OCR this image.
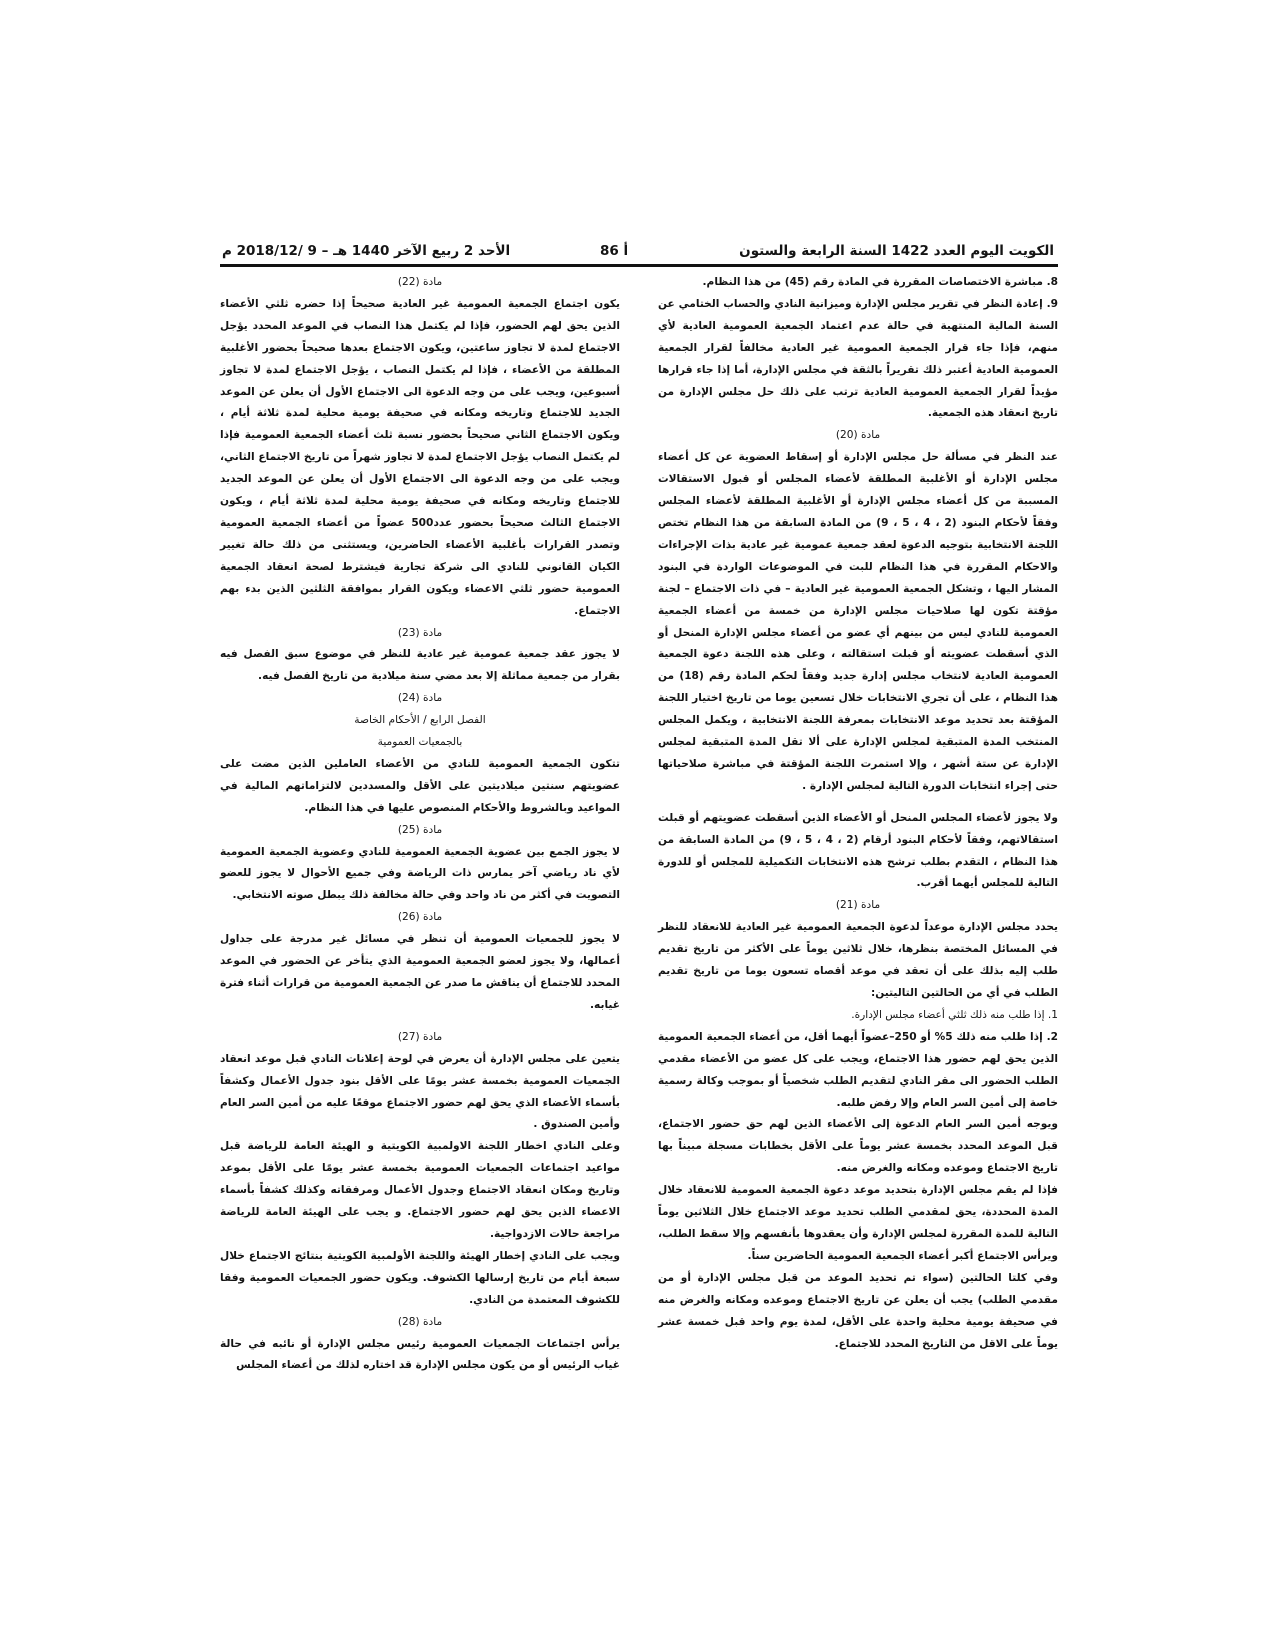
الكويت اليوم العدد 1422 السنة الرابعة والستون
أ 86
الأحد 2 ربيع الآخر 1440 هـ – 9 /2018/12 م

8. مباشرة الاختصاصات المقررة في المادة رقم (45) من هذا النظام.

9. إعادة النظر في تقرير مجلس الإدارة وميزانية النادي والحساب الختامي عن السنة المالية المنتهية في حالة عدم اعتماد الجمعية العمومية العادية لأي منهم، فإذا جاء قرار الجمعية العمومية غير العادية مخالفاً لقرار الجمعية العمومية العادية أعتبر ذلك تقريراً بالثقة في مجلس الإدارة، أما إذا جاء قرارها مؤيداً لقرار الجمعية العمومية العادية ترتب على ذلك حل مجلس الإدارة من تاريخ انعقاد هذه الجمعية.

مادة (20)

عند النظر في مسألة حل مجلس الإدارة أو إسقاط العضوية عن كل أعضاء مجلس الإدارة أو الأغلبية المطلقة لأعضاء المجلس أو قبول الاستقالات المسببة من كل أعضاء مجلس الإدارة أو الأغلبية المطلقة لأعضاء المجلس وفقاً لأحكام البنود (2 ، 4 ، 5 ، 9) من المادة السابقة من هذا النظام تختص اللجنة الانتخابية بتوجيه الدعوة لعقد جمعية عمومية غير عادية بذات الإجراءات والاحكام المقررة في هذا النظام للبت في الموضوعات الواردة في البنود المشار اليها ، وتشكل الجمعية العمومية غير العادية – في ذات الاجتماع – لجنة مؤقتة تكون لها صلاحيات مجلس الإدارة من خمسة من أعضاء الجمعية العمومية للنادي ليس من بينهم أي عضو من أعضاء مجلس الإدارة المنحل أو الذي أسقطت عضويته أو قبلت استقالته ، وعلى هذه اللجنة دعوة الجمعية العمومية العادية لانتخاب مجلس إدارة جديد وفقاً لحكم المادة رقم (18) من هذا النظام ، على أن تجري الانتخابات خلال تسعين يوما من تاريخ اختيار اللجنة المؤقتة بعد تحديد موعد الانتخابات بمعرفة اللجنة الانتخابية ، ويكمل المجلس المنتخب المدة المتبقية لمجلس الإدارة على ألا تقل المدة المتبقية لمجلس الإدارة عن ستة أشهر ، وإلا استمرت اللجنة المؤقتة في مباشرة صلاحياتها حتى إجراء انتخابات الدورة التالية لمجلس الإدارة .

ولا يجوز لأعضاء المجلس المنحل أو الأعضاء الذين أسقطت عضويتهم أو قبلت استقالاتهم، وفقاً لأحكام البنود أرقام (2 ، 4 ، 5 ، 9) من المادة السابقة من هذا النظام ، التقدم بطلب ترشح هذه الانتخابات التكميلية للمجلس أو للدورة التالية للمجلس أيهما أقرب.

مادة (21)

يحدد مجلس الإدارة موعداً لدعوة الجمعية العمومية غير العادية للانعقاد للنظر في المسائل المختصة بنظرها، خلال ثلاثين يوماً على الأكثر من تاريخ تقديم طلب إليه بذلك على أن تعقد في موعد أقصاه تسعون يوما من تاريخ تقديم الطلب في أي من الحالتين التاليتين:

1. إذا طلب منه ذلك ثلثي أعضاء مجلس الإدارة.

2. إذا طلب منه ذلك 5% أو 250–عضواً أيهما أقل، من أعضاء الجمعية العمومية الذين يحق لهم حضور هذا الاجتماع، ويجب على كل عضو من الأعضاء مقدمي الطلب الحضور الى مقر النادي لتقديم الطلب شخصياً أو بموجب وكالة رسمية خاصة إلى أمين السر العام وإلا رفض طلبه.

ويوجه أمين السر العام الدعوة إلى الأعضاء الذين لهم حق حضور الاجتماع، قبل الموعد المحدد بخمسة عشر يوماً على الأقل بخطابات مسجلة مبيناً بها تاريخ الاجتماع وموعده ومكانه والغرض منه.

فإذا لم يقم مجلس الإدارة بتحديد موعد دعوة الجمعية العمومية للانعقاد خلال المدة المحددة، يحق لمقدمي الطلب تحديد موعد الاجتماع خلال الثلاثين يوماً التالية للمدة المقررة لمجلس الإدارة وأن يعقدوها بأنفسهم وإلا سقط الطلب، ويرأس الاجتماع أكبر أعضاء الجمعية العمومية الحاضرين سناً.

وفي كلتا الحالتين (سواء تم تحديد الموعد من قبل مجلس الإدارة أو من مقدمي الطلب) يجب أن يعلن عن تاريخ الاجتماع وموعده ومكانه والغرض منه في صحيفة يومية محلية واحدة على الأقل، لمدة يوم واحد قبل خمسة عشر يوماً على الاقل من التاريخ المحدد للاجتماع.

مادة (22)

يكون اجتماع الجمعية العمومية غير العادية صحيحاً إذا حضره ثلثي الأعضاء الذين يحق لهم الحضور، فإذا لم يكتمل هذا النصاب في الموعد المحدد يؤجل الاجتماع لمدة لا تجاوز ساعتين، ويكون الاجتماع بعدها صحيحاً بحضور الأغلبية المطلقة من الأعضاء ، فإذا لم يكتمل النصاب ، يؤجل الاجتماع لمدة لا تجاوز أسبوعين، ويجب على من وجه الدعوة الى الاجتماع الأول أن يعلن عن الموعد الجديد للاجتماع وتاريخه ومكانه في صحيفة يومية محلية لمدة ثلاثة أيام ، ويكون الاجتماع الثاني صحيحاً بحضور نسبة ثلث أعضاء الجمعية العمومية فإذا لم يكتمل النصاب يؤجل الاجتماع لمدة لا تجاوز شهراً من تاريخ الاجتماع الثاني، ويجب على من وجه الدعوة الى الاجتماع الأول أن يعلن عن الموعد الجديد للاجتماع وتاريخه ومكانه في صحيفة يومية محلية لمدة ثلاثة أيام ، ويكون الاجتماع الثالث صحيحاً بحضور عدد500 عضواً من أعضاء الجمعية العمومية وتصدر القرارات بأغلبية الأعضاء الحاضرين، ويستثنى من ذلك حالة تغيير الكيان القانوني للنادي الى شركة تجارية فيشترط لصحة انعقاد الجمعية العمومية حضور ثلثي الاعضاء ويكون القرار بموافقة الثلثين الذين بدء بهم الاجتماع.

مادة (23)

لا يجوز عقد جمعية عمومية غير عادية للنظر في موضوع سبق الفصل فيه بقرار من جمعية مماثلة إلا بعد مضي سنة ميلادية من تاريخ الفصل فيه.

مادة (24)

الفصل الرابع / الأحكام الخاصة

بالجمعيات العمومية

تتكون الجمعية العمومية للنادي من الأعضاء العاملين الذين مضت على عضويتهم سنتين ميلاديتين على الأقل والمسددين لالتزاماتهم المالية في المواعيد وبالشروط والأحكام المنصوص عليها في هذا النظام.

مادة (25)

لا يجوز الجمع بين عضوية الجمعية العمومية للنادي وعضوية الجمعية العمومية لأي ناد رياضي آخر يمارس ذات الرياضة وفي جميع الأحوال لا يجوز للعضو التصويت في أكثر من ناد واحد وفي حالة مخالفة ذلك يبطل صوته الانتخابي.

مادة (26)

لا يجوز للجمعيات العمومية أن تنظر في مسائل غير مدرجة على جداول أعمالها، ولا يجوز لعضو الجمعية العمومية الذي يتأخر عن الحضور في الموعد المحدد للاجتماع أن يناقش ما صدر عن الجمعية العمومية من قرارات أثناء فترة غيابه.

مادة (27)

يتعين على مجلس الإدارة أن يعرض في لوحة إعلانات النادي قبل موعد انعقاد الجمعيات العمومية بخمسة عشر يومًا على الأقل بنود جدول الأعمال وكشفاً بأسماء الأعضاء الذي يحق لهم حضور الاجتماع موقعًا عليه من أمين السر العام وأمين الصندوق .

وعلى النادي اخطار اللجنة الاولمبية الكويتية و الهيئة العامة للرياضة قبل مواعيد اجتماعات الجمعيات العمومية بخمسة عشر يومًا على الأقل بموعد وتاريخ ومكان انعقاد الاجتماع وجدول الأعمال ومرفقاته وكذلك كشفاً بأسماء الاعضاء الذين يحق لهم حضور الاجتماع. و يجب على الهيئة العامة للرياضة مراجعة حالات الازدواجية.

ويجب على النادي إخطار الهيئة واللجنة الأولمبية الكويتية بنتائج الاجتماع خلال سبعة أيام من تاريخ إرسالها الكشوف. ويكون حضور الجمعيات العمومية وفقا للكشوف المعتمدة من النادي.

مادة (28)

يرأس اجتماعات الجمعيات العمومية رئيس مجلس الإدارة أو نائبه في حالة غياب الرئيس أو من يكون مجلس الإدارة قد اختاره لذلك من أعضاء المجلس
